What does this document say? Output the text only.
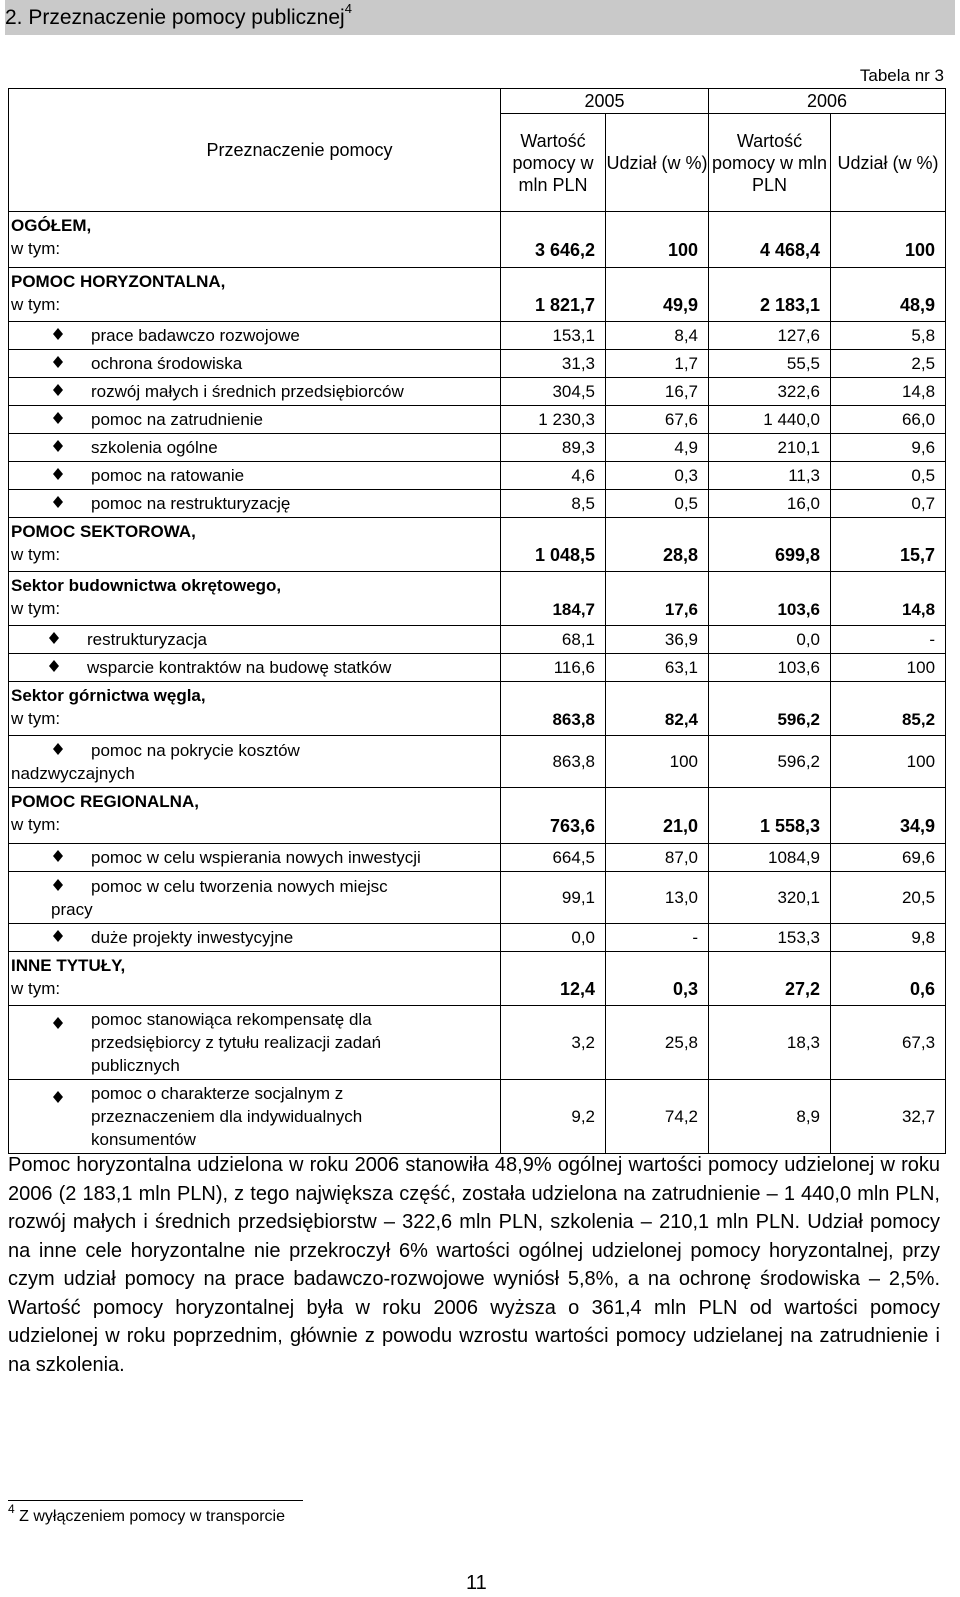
2. Przeznaczenie pomocy publicznej$^4$
Tabela nr 3
Przeznaczenie pomocy	2005		2006	
	Wartość pomocy w mln PLN	Udział (w %)	Wartość pomocy w mln PLN	Udział (w %)

OGÓŁEM,
w tym:	3 646,2	100	4 468,4	100

POMOC HORYZONTALNA,
w tym:	1 821,7	49,9	2 183,1	48,9
prace badawczo rozwojowe	153,1	8,4	127,6	5,8
ochrona środowiska	31,3	1,7	55,5	2,5
rozwój małych i średnich przedsiębiorców	304,5	16,7	322,6	14,8
pomoc na zatrudnienie	1 230,3	67,6	1 440,0	66,0
szkolenia ogólne	89,3	4,9	210,1	9,6
pomoc na ratowanie	4,6	0,3	11,3	0,5
pomoc na restrukturyzację	8,5	0,5	16,0	0,7

POMOC SEKTOROWA,
w tym:	1 048,5	28,8	699,8	15,7

Sektor budownictwa okrętowego,
w tym:	184,7	17,6	103,6	14,8
restrukturyzacja	68,1	36,9	0,0	-
wsparcie kontraktów na budowę statków	116,6	63,1	103,6	100

Sektor górnictwa węgla,
w tym:	863,8	82,4	596,2	85,2

pomoc na pokrycie kosztów
nadzwyczajnych	863,8	100	596,2	100

POMOC REGIONALNA,
w tym:	763,6	21,0	1 558,3	34,9
pomoc w celu wspierania nowych inwestycji	664,5	87,0	1084,9	69,6

pomoc w celu tworzenia nowych miejsc
pracy	99,1	13,0	320,1	20,5
duże projekty inwestycyjne	0,0	-	153,3	9,8

INNE TYTUŁY,
w tym:	12,4	0,3	27,2	0,6

pomoc stanowiąca rekompensatę dla przedsiębiorcy z tytułu realizacji zadań publicznych	3,2	25,8	18,3	67,3

pomoc o charakterze socjalnym z przeznaczeniem dla indywidualnych konsumentów	9,2	74,2	8,9	32,7
Pomoc horyzontalna udzielona w roku 2006 stanowiła 48,9% ogólnej wartości pomocy udzielonej w roku 2006 (2 183,1 mln PLN), z tego największa część, została udzielona na zatrudnienie – 1 440,0 mln PLN, rozwój małych i średnich przedsiębiorstw – 322,6 mln PLN, szkolenia – 210,1 mln PLN. Udział pomocy na inne cele horyzontalne nie przekroczył 6% wartości ogólnej udzielonej pomocy horyzontalnej, przy czym udział pomocy na prace badawczo-rozwojowe wyniósł 5,8%, a na ochronę środowiska – 2,5%. Wartość pomocy horyzontalnej była w roku 2006 wyższa o 361,4 mln PLN od wartości pomocy udzielonej w roku poprzednim, głównie z powodu wzrostu wartości pomocy udzielanej na zatrudnienie i na szkolenia.
$^4$ Z wyłączeniem pomocy w transporcie
11
